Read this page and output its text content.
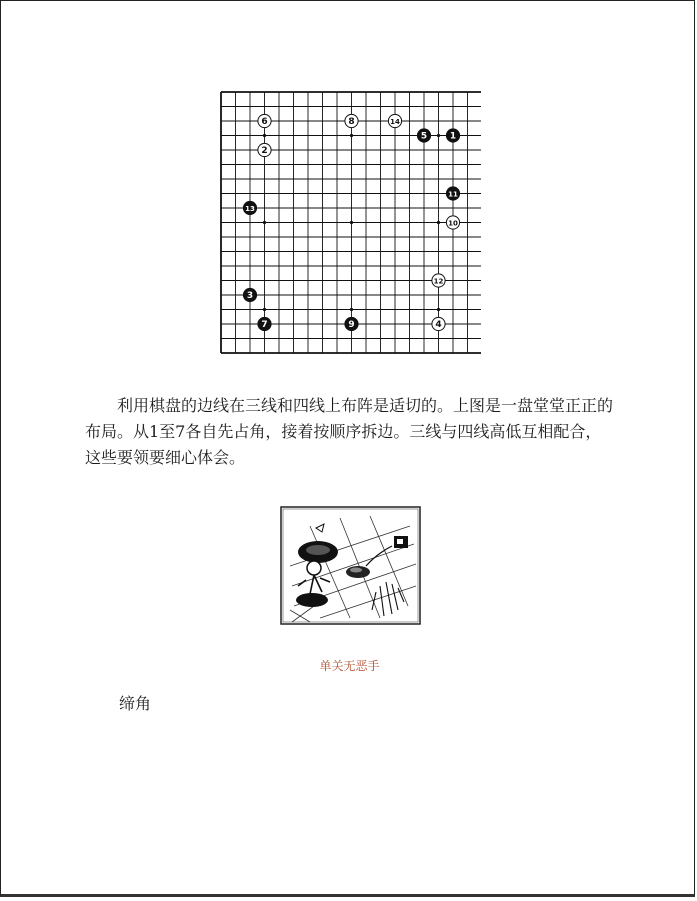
1
2
3
4
5
6
7
8
9
10
11
12
13
14

利用棋盘的边线在三线和四线上布阵是适切的。上图是一盘堂堂正正的布局。从1至7各自先占角，接着按顺序拆边。三线与四线高低互相配合，这些要领要细心体会。

单关无恶手
缔角
